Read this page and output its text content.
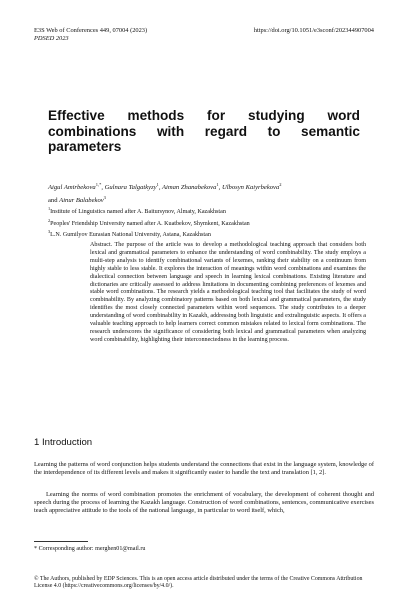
E3S Web of Conferences 449, 07004 (2023)	https://doi.org/10.1051/e3sconf/202344907004
PDSED 2023
Effective methods for studying word combinations with regard to semantic parameters
Aigul Amirbekova$^{1,*}$, Gulnara Talgatkyzy$^1$, Aiman Zhanabekova$^1$, Ulbosyn Kaiyrbekova$^2$
and Ainur Balabekov$^3$
$^1$Institute of Linguistics named after A. Baitursynov, Almaty, Kazakhstan
$^2$Peoples' Friendship University named after A. Kuatbekov, Shymkent, Kazakhstan
$^3$L.N. Gumilyov Eurasian National University, Astana, Kazakhstan
Abstract. The purpose of the article was to develop a methodological teaching approach that considers both lexical and grammatical parameters to enhance the understanding of word combinability. The study employs a multi-step analysis to identify combinational variants of lexemes, ranking their stability on a continuum from highly stable to less stable. It explores the interaction of meanings within word combinations and examines the dialectical connection between language and speech in learning lexical combinations. Existing literature and dictionaries are critically assessed to address limitations in documenting combining preferences of lexemes and stable word combinations. The research yields a methodological teaching tool that facilitates the study of word combinability. By analyzing combinatory patterns based on both lexical and grammatical parameters, the study identifies the most closely connected parameters within word sequences. The study contributes to a deeper understanding of word combinability in Kazakh, addressing both linguistic and extralinguistic aspects. It offers a valuable teaching approach to help learners correct common mistakes related to lexical form combinations. The research underscores the significance of considering both lexical and grammatical parameters when analyzing word combinability, highlighting their interconnectedness in the learning process.
1 Introduction
Learning the patterns of word conjunction helps students understand the connections that exist in the language system, knowledge of the interdependence of its different levels and makes it significantly easier to handle the text and translation [1, 2].
Learning the norms of word combination promotes the enrichment of vocabulary, the development of coherent thought and speech during the process of learning the Kazakh language. Construction of word combinations, sentences, communicative exercises teach appreciative attitude to the tools of the national language, in particular to word itself, which,
* Corresponding author: merghen01@mail.ru
© The Authors, published by EDP Sciences. This is an open access article distributed under the terms of the Creative Commons Attribution License 4.0 (https://creativecommons.org/licenses/by/4.0/).
